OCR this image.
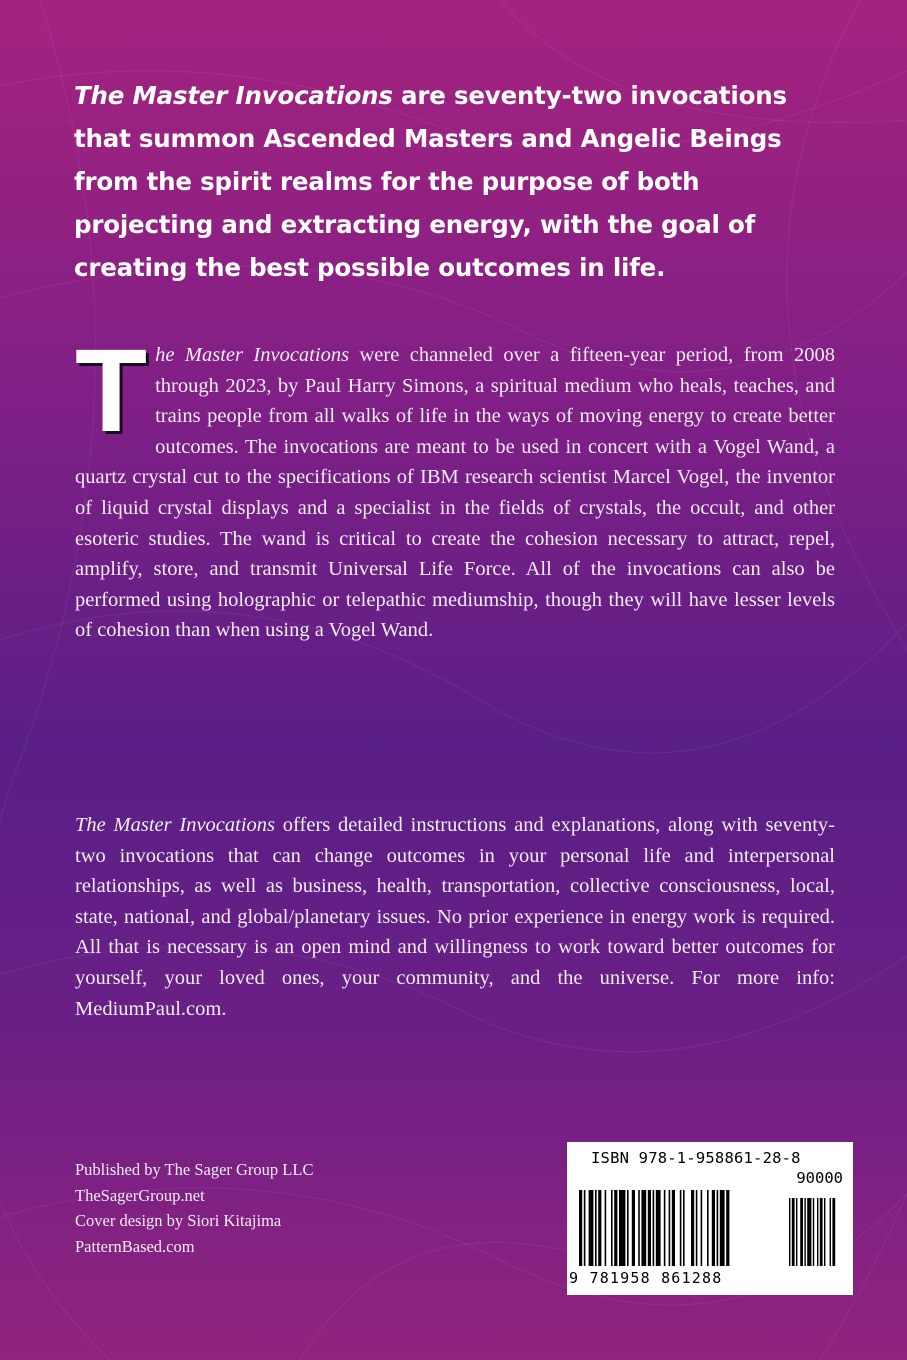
The Master Invocations are seventy-two invocations that summon Ascended Masters and Angelic Beings from the spirit realms for the purpose of both projecting and extracting energy, with the goal of creating the best possible outcomes in life.

The Master Invocations were channeled over a fifteen-year period, from 2008 through 2023, by Paul Harry Simons, a spiritual medium who heals, teaches, and trains people from all walks of life in the ways of moving energy to create better outcomes. The invocations are meant to be used in concert with a Vogel Wand, a quartz crystal cut to the specifications of IBM research scientist Marcel Vogel, the inventor of liquid crystal displays and a specialist in the fields of crystals, the occult, and other esoteric studies. The wand is critical to create the cohesion necessary to attract, repel, amplify, store, and transmit Universal Life Force. All of the invocations can also be performed using holographic or telepathic mediumship, though they will have lesser levels of cohesion than when using a Vogel Wand.

The Master Invocations offers detailed instructions and explanations, along with seventy-two invocations that can change outcomes in your personal life and interpersonal relationships, as well as business, health, transportation, collective consciousness, local, state, national, and global/planetary issues. No prior experience in energy work is required. All that is necessary is an open mind and willingness to work toward better outcomes for yourself, your loved ones, your community, and the universe. For more info: MediumPaul.com.

Published by The Sager Group LLC
TheSagerGroup.net
Cover design by Siori Kitajima
PatternBased.com
ISBN 978-1-958861-28-8
90000
9 781958 861288
